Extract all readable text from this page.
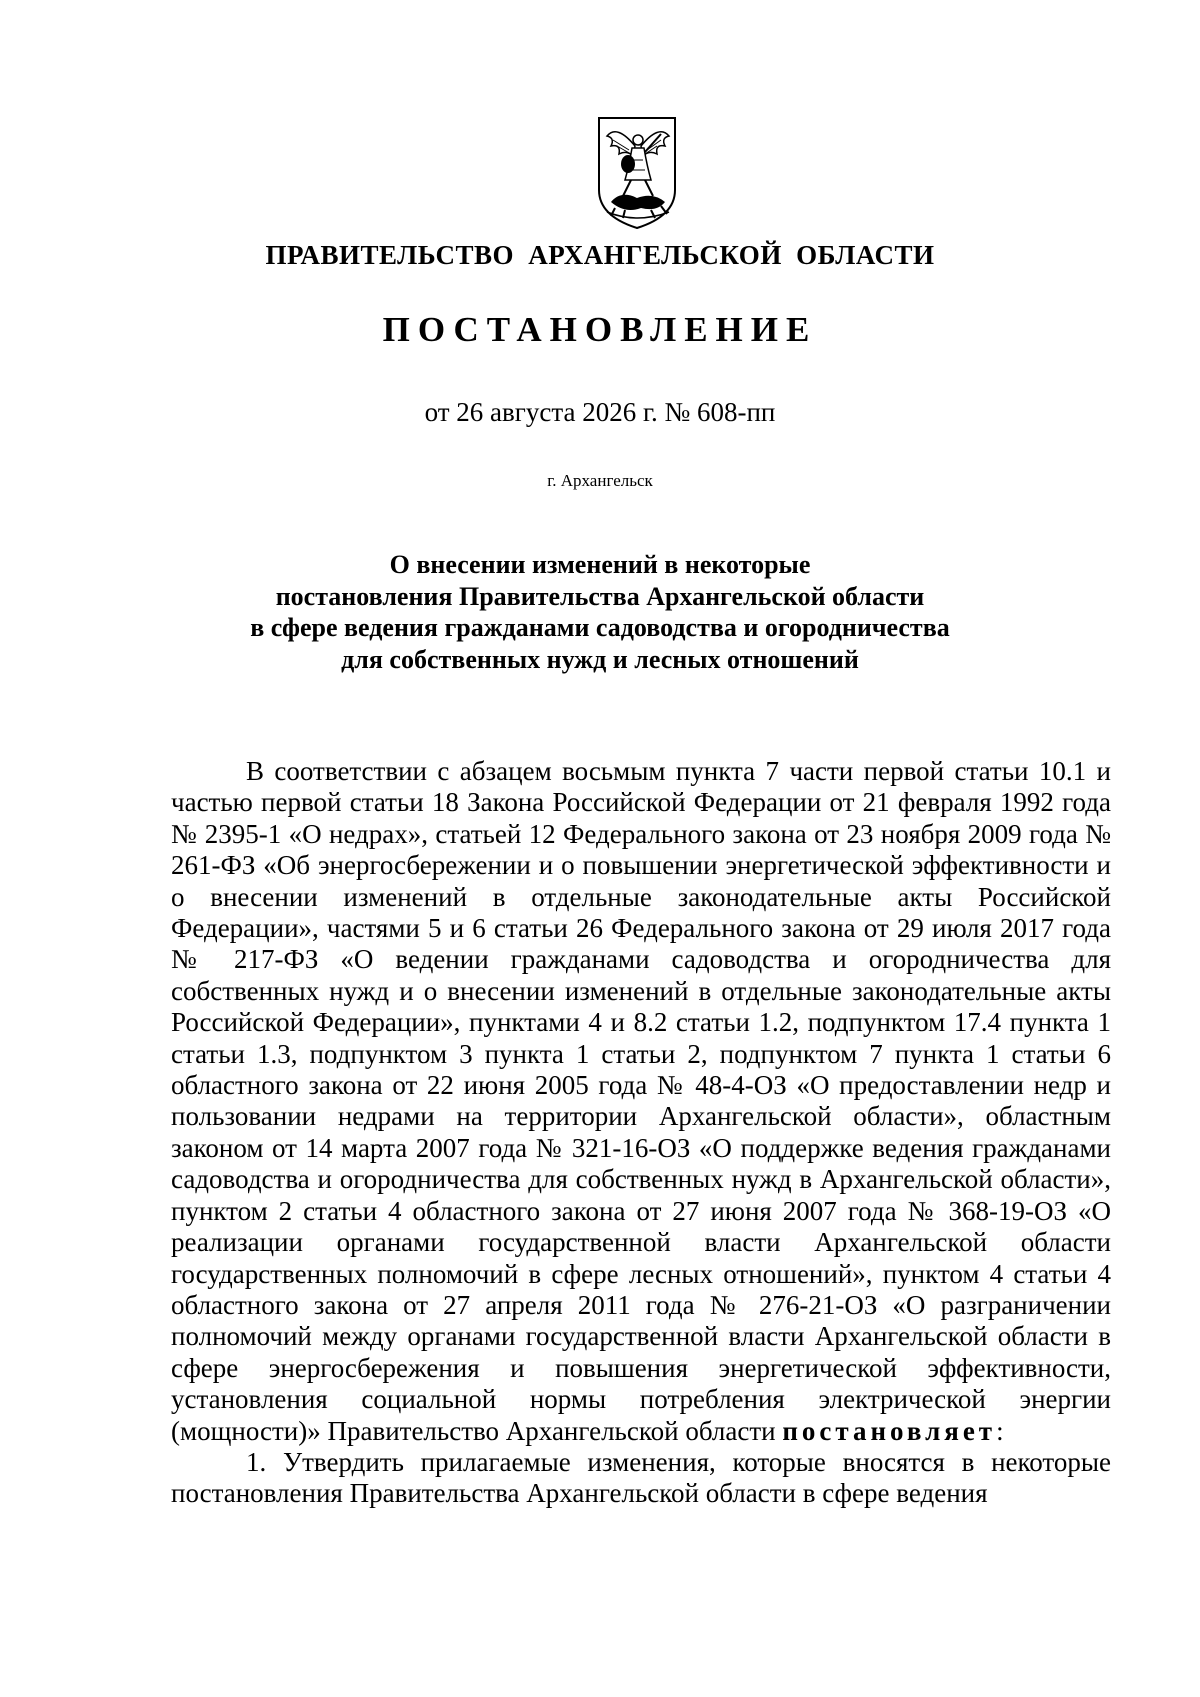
ПРАВИТЕЛЬСТВО АРХАНГЕЛЬСКОЙ ОБЛАСТИ
ПОСТАНОВЛЕНИЕ
от 26 августа 2026 г. № 608-пп
г. Архангельск
О внесении изменений в некоторые
постановления Правительства Архангельской области
в сфере ведения гражданами садоводства и огородничества
для собственных нужд и лесных отношений

В соответствии с абзацем восьмым пункта 7 части первой статьи 10.1 и частью первой статьи 18 Закона Российской Федерации от 21 февраля 1992 года № 2395-1 «О недрах», статьей 12 Федерального закона от 23 ноября 2009 года № 261-ФЗ «Об энергосбережении и о повышении энергетической эффективности и о внесении изменений в отдельные законодательные акты Российской Федерации», частями 5 и 6 статьи 26 Федерального закона от 29 июля 2017 года № 217-ФЗ «О ведении гражданами садоводства и огородничества для собственных нужд и о внесении изменений в отдельные законодательные акты Российской Федерации», пунктами 4 и 8.2 статьи 1.2, подпунктом 17.4 пункта 1 статьи 1.3, подпунктом 3 пункта 1 статьи 2, подпунктом 7 пункта 1 статьи 6 областного закона от 22 июня 2005 года № 48-4-ОЗ «О предоставлении недр и пользовании недрами на территории Архангельской области», областным законом от 14 марта 2007 года № 321-16-ОЗ «О поддержке ведения гражданами садоводства и огородничества для собственных нужд в Архангельской области», пунктом 2 статьи 4 областного закона от 27 июня 2007 года № 368-19-ОЗ «О реализации органами государственной власти Архангельской области государственных полномочий в сфере лесных отношений», пунктом 4 статьи 4 областного закона от 27 апреля 2011 года № 276-21-ОЗ «О разграничении полномочий между органами государственной власти Архангельской области в сфере энергосбережения и повышения энергетической эффективности, установления социальной нормы потребления электрической энергии (мощности)» Правительство Архангельской области постановляет:

1. Утвердить прилагаемые изменения, которые вносятся в некоторые постановления Правительства Архангельской области в сфере ведения
